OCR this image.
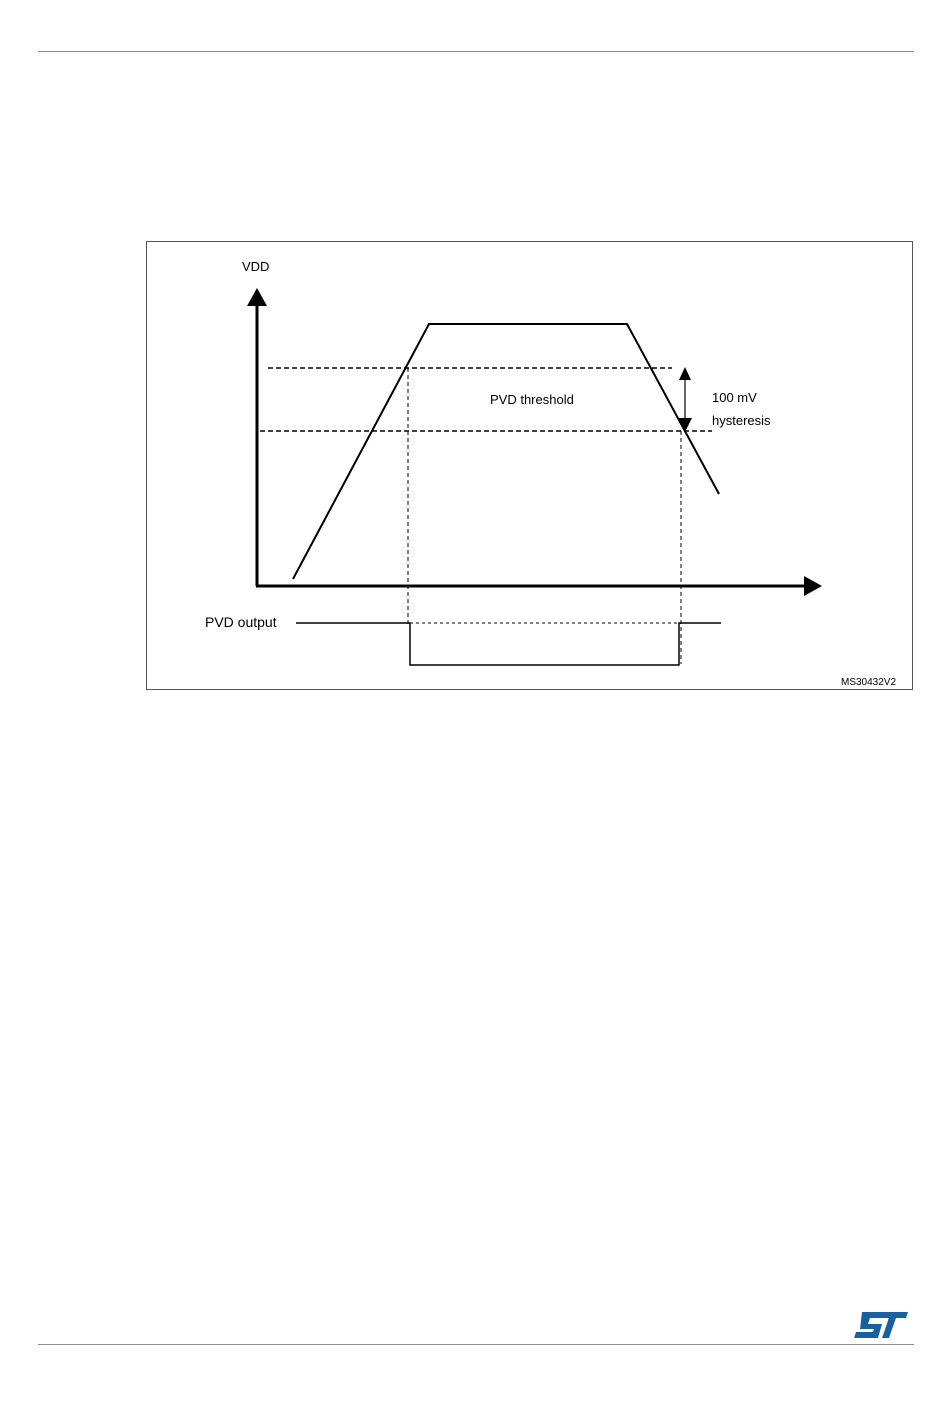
VDD
PVD threshold	100 mV
hysteresis
PVD output
MS30432V2
